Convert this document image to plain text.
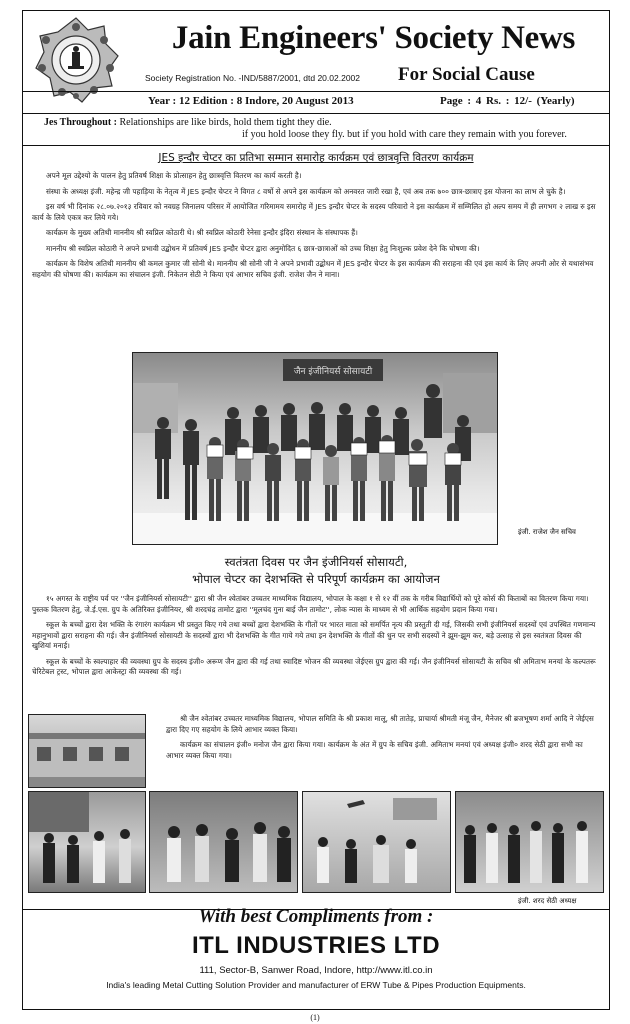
Jain Engineers' Society News
Society Registration No. -IND/5887/2001, dtd 20.02.2002 For Social Cause
Year : 12 Edition : 8 Indore, 20 August 2013	Page : 4 Rs. : 12/- (Yearly)
Jes Throughout : Relationships are like birds, hold them tight they die.
if you hold loose they fly. but if you hold with care they remain with you forever.
JES इन्दौर चेप्टर का प्रतिभा सम्मान समारोह कार्यक्रम एवं छात्रवृत्ति वितरण कार्यक्रम

अपने मूल उद्देश्यो के पालन हेतु प्रतिवर्ष शिक्षा के प्रोत्साहन हेतु छात्रवृत्ति वितरण का कार्य करती है।

संस्था के अध्यक्ष इंजी. महेन्द्र जी पहाड़िया के नेतृत्व में JES इन्दौर चेप्टर ने विगत ८ वर्षो से अपने इस कार्यक्रम को अनवरत जारी रखा है, एवं अब तक ७०० छात्र-छात्राए इस योजना का लाभ ले चुके है।

इस वर्ष भी दिनांक २८.०७.२०१३ रविवार को नवग्रह जिनालय परिसर में आयोजित गरिमामय समारोह में JES इन्दौर चेप्टर के सदस्य परिवारो ने इस कार्यक्रम में सम्मिलित हो अल्प समय में ही लगभग २ लाख रु इस कार्य के लिये एकत्र कर लिये गये।

कार्यक्रम के मुख्य अतिथी माननीय श्री स्वप्निल कोठारी थे। श्री स्वप्निल कोठारी रेनेसा इन्दौर इंदिरा संस्थान के संस्थापक हैं।

माननीय श्री स्वप्निल कोठारी ने अपने प्रभावी उद्बोधन में प्रतिवर्ष JES इन्दौर चेप्टर द्वारा अनुमोदित ६ छात्र-छात्राओं को उच्च शिक्षा हेतु निःशुल्क प्रवेश देने कि घोषणा की।

कार्यक्रम के विशेष अतिथी माननीय श्री कमल कुमार जी सोनी थे। माननीय श्री सोनी जी ने अपने प्रभावी उद्बोधन में JES इन्दौर चेप्टर के इस कार्यक्रम की सराहना की एवं इस कार्य के लिए अपनी ओर से यथासंभव सहयोग की घोषणा की। कार्यक्रम का संचालन इंजी. निकेतन सेठी ने किया एवं आभार सचिव इंजी. राजेश जैन ने माना।

जैन इंजीनियर्स सोसायटी
इंजी. राजेश जैन सचिव
स्वतंत्रता दिवस पर जैन इंजीनियर्स सोसायटी,
भोपाल चेप्टर का देशभक्ति से परिपूर्ण कार्यक्रम का आयोजन

१५ अगस्त के राष्ट्रीय पर्व पर ''जैन इंजीनियर्स सोसायटी'' द्वारा श्री जैन श्वेतांबर उच्चतर माध्यमिक विद्यालय, भोपाल के कक्षा १ से १२ वीं तक के गरीब विद्यार्थियों को पूरे कोर्स की किताबों का वितरण किया गया। पुस्तक वितरण हेतु, जे.ई.एस. ग्रुप के अतिरिक्त इंजीनियर, श्री शरदचंद्र तामोट द्वारा ''मूलचंद गुना बाई जैन तामोट'', लोक न्यास के माध्यम से भी आर्थिक सहयोग प्रदान किया गया।

स्कूल के बच्चों द्वारा देश भक्ति के रंगारंग कार्यक्रम भी प्रस्तुत किए गये तथा बच्चों द्वारा देशभक्ति के गीतों पर भारत माता को समर्पित नृत्य की प्रस्तुती दी गई, जिसकी सभी इंजीनियर्स सदस्यों एवं उपस्थित गणमान्य महानुभावों द्वारा सराहना की गई। जैन इंजीनियर्स सोसायटी के सदस्यों द्वारा भी देशभक्ति के गीत गाये गये तथा इन देशभक्ति के गीतों की धुन पर सभी सदस्यों ने झूम-झूम कर, बड़े उत्साह से इस स्वतंत्रता दिवस की खुशियां मनाई।

स्कूल के बच्चों के स्वल्पाहार की व्यवस्था ग्रुप के सदस्य इंजी० अरूण जैन द्वारा की गई तथा स्वादिष्ट भोजन की व्यवस्था जेईएस ग्रुप द्वारा की गई। जैन इंजीनियर्स सोसायटी के सचिव श्री अमिताभ मनयां के कल्पतरू चेरिटेबल ट्रस्ट, भोपाल द्वारा आकेस्ट्रा की व्यवस्था की गई।

श्री जैन श्वेतांबर उच्चतर माध्यमिक विद्यालय, भोपाल समिति के श्री प्रकाश मालू, श्री तातेड़, प्राचार्या श्रीमती मंजू जैन, मैनेजर श्री ब्रजभूषण शर्मा आदि ने जेईएस द्वारा दिए गए सहयोग के लिये आभार व्यक्त किया।

कार्यक्रम का संचालन इंजी० मनोज जैन द्वारा किया गया। कार्यक्रम के अंत में ग्रुप के सचिव इंजी. अमिताभ मनयां एवं अध्यक्ष इंजी० शरद सेठी द्वारा सभी का आभार व्यक्त किया गया।

इंजी. शरद सेठी अध्यक्ष
With best Compliments from :
ITL INDUSTRIES LTD
111, Sector-B, Sanwer Road, Indore, http://www.itl.co.in
India's leading Metal Cutting Solution Provider and manufacturer of ERW Tube & Pipes Production Equipments.
(1)
